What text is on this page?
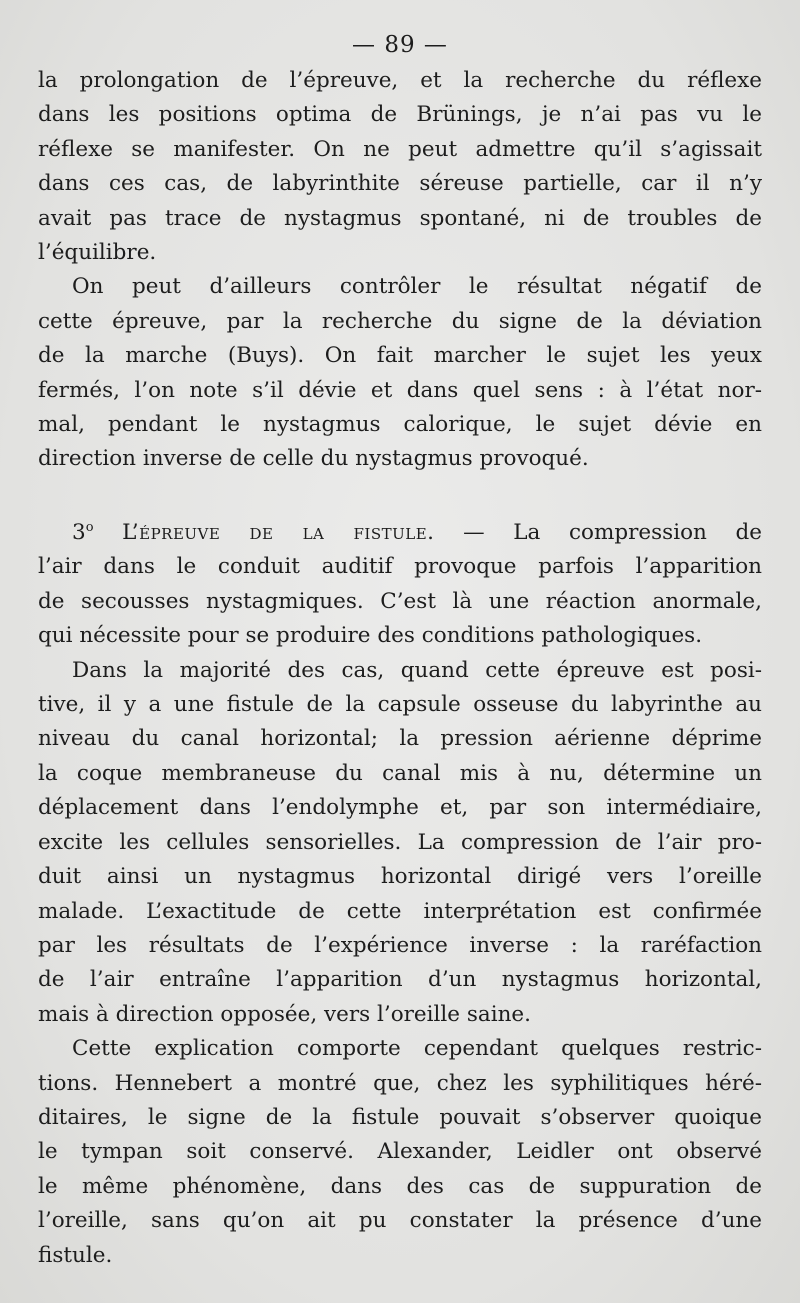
— 89 —

la prolongation de l’épreuve, et la recherche du réflexe
dans les positions optima de Brünings, je n’ai pas vu le
réflexe se manifester. On ne peut admettre qu’il s’agissait
dans ces cas, de labyrinthite séreuse partielle, car il n’y
avait pas trace de nystagmus spontané, ni de troubles de
l’équilibre.

On peut d’ailleurs contrôler le résultat négatif de
cette épreuve, par la recherche du signe de la déviation
de la marche (Buys). On fait marcher le sujet les yeux
fermés, l’on note s’il dévie et dans quel sens : à l’état nor-
mal, pendant le nystagmus calorique, le sujet dévie en
direction inverse de celle du nystagmus provoqué.

3$^o$ L’épreuve de la fistule. — La compression de
l’air dans le conduit auditif provoque parfois l’apparition
de secousses nystagmiques. C’est là une réaction anormale,
qui nécessite pour se produire des conditions pathologiques.

Dans la majorité des cas, quand cette épreuve est posi-
tive, il y a une fistule de la capsule osseuse du labyrinthe au
niveau du canal horizontal; la pression aérienne déprime
la coque membraneuse du canal mis à nu, détermine un
déplacement dans l’endolymphe et, par son intermédiaire,
excite les cellules sensorielles. La compression de l’air pro-
duit ainsi un nystagmus horizontal dirigé vers l’oreille
malade. L’exactitude de cette interprétation est confirmée
par les résultats de l’expérience inverse : la raréfaction
de l’air entraîne l’apparition d’un nystagmus horizontal,
mais à direction opposée, vers l’oreille saine.

Cette explication comporte cependant quelques restric-
tions. Hennebert a montré que, chez les syphilitiques héré-
ditaires, le signe de la fistule pouvait s’observer quoique
le tympan soit conservé. Alexander, Leidler ont observé
le même phénomène, dans des cas de suppuration de
l’oreille, sans qu’on ait pu constater la présence d’une
fistule.
